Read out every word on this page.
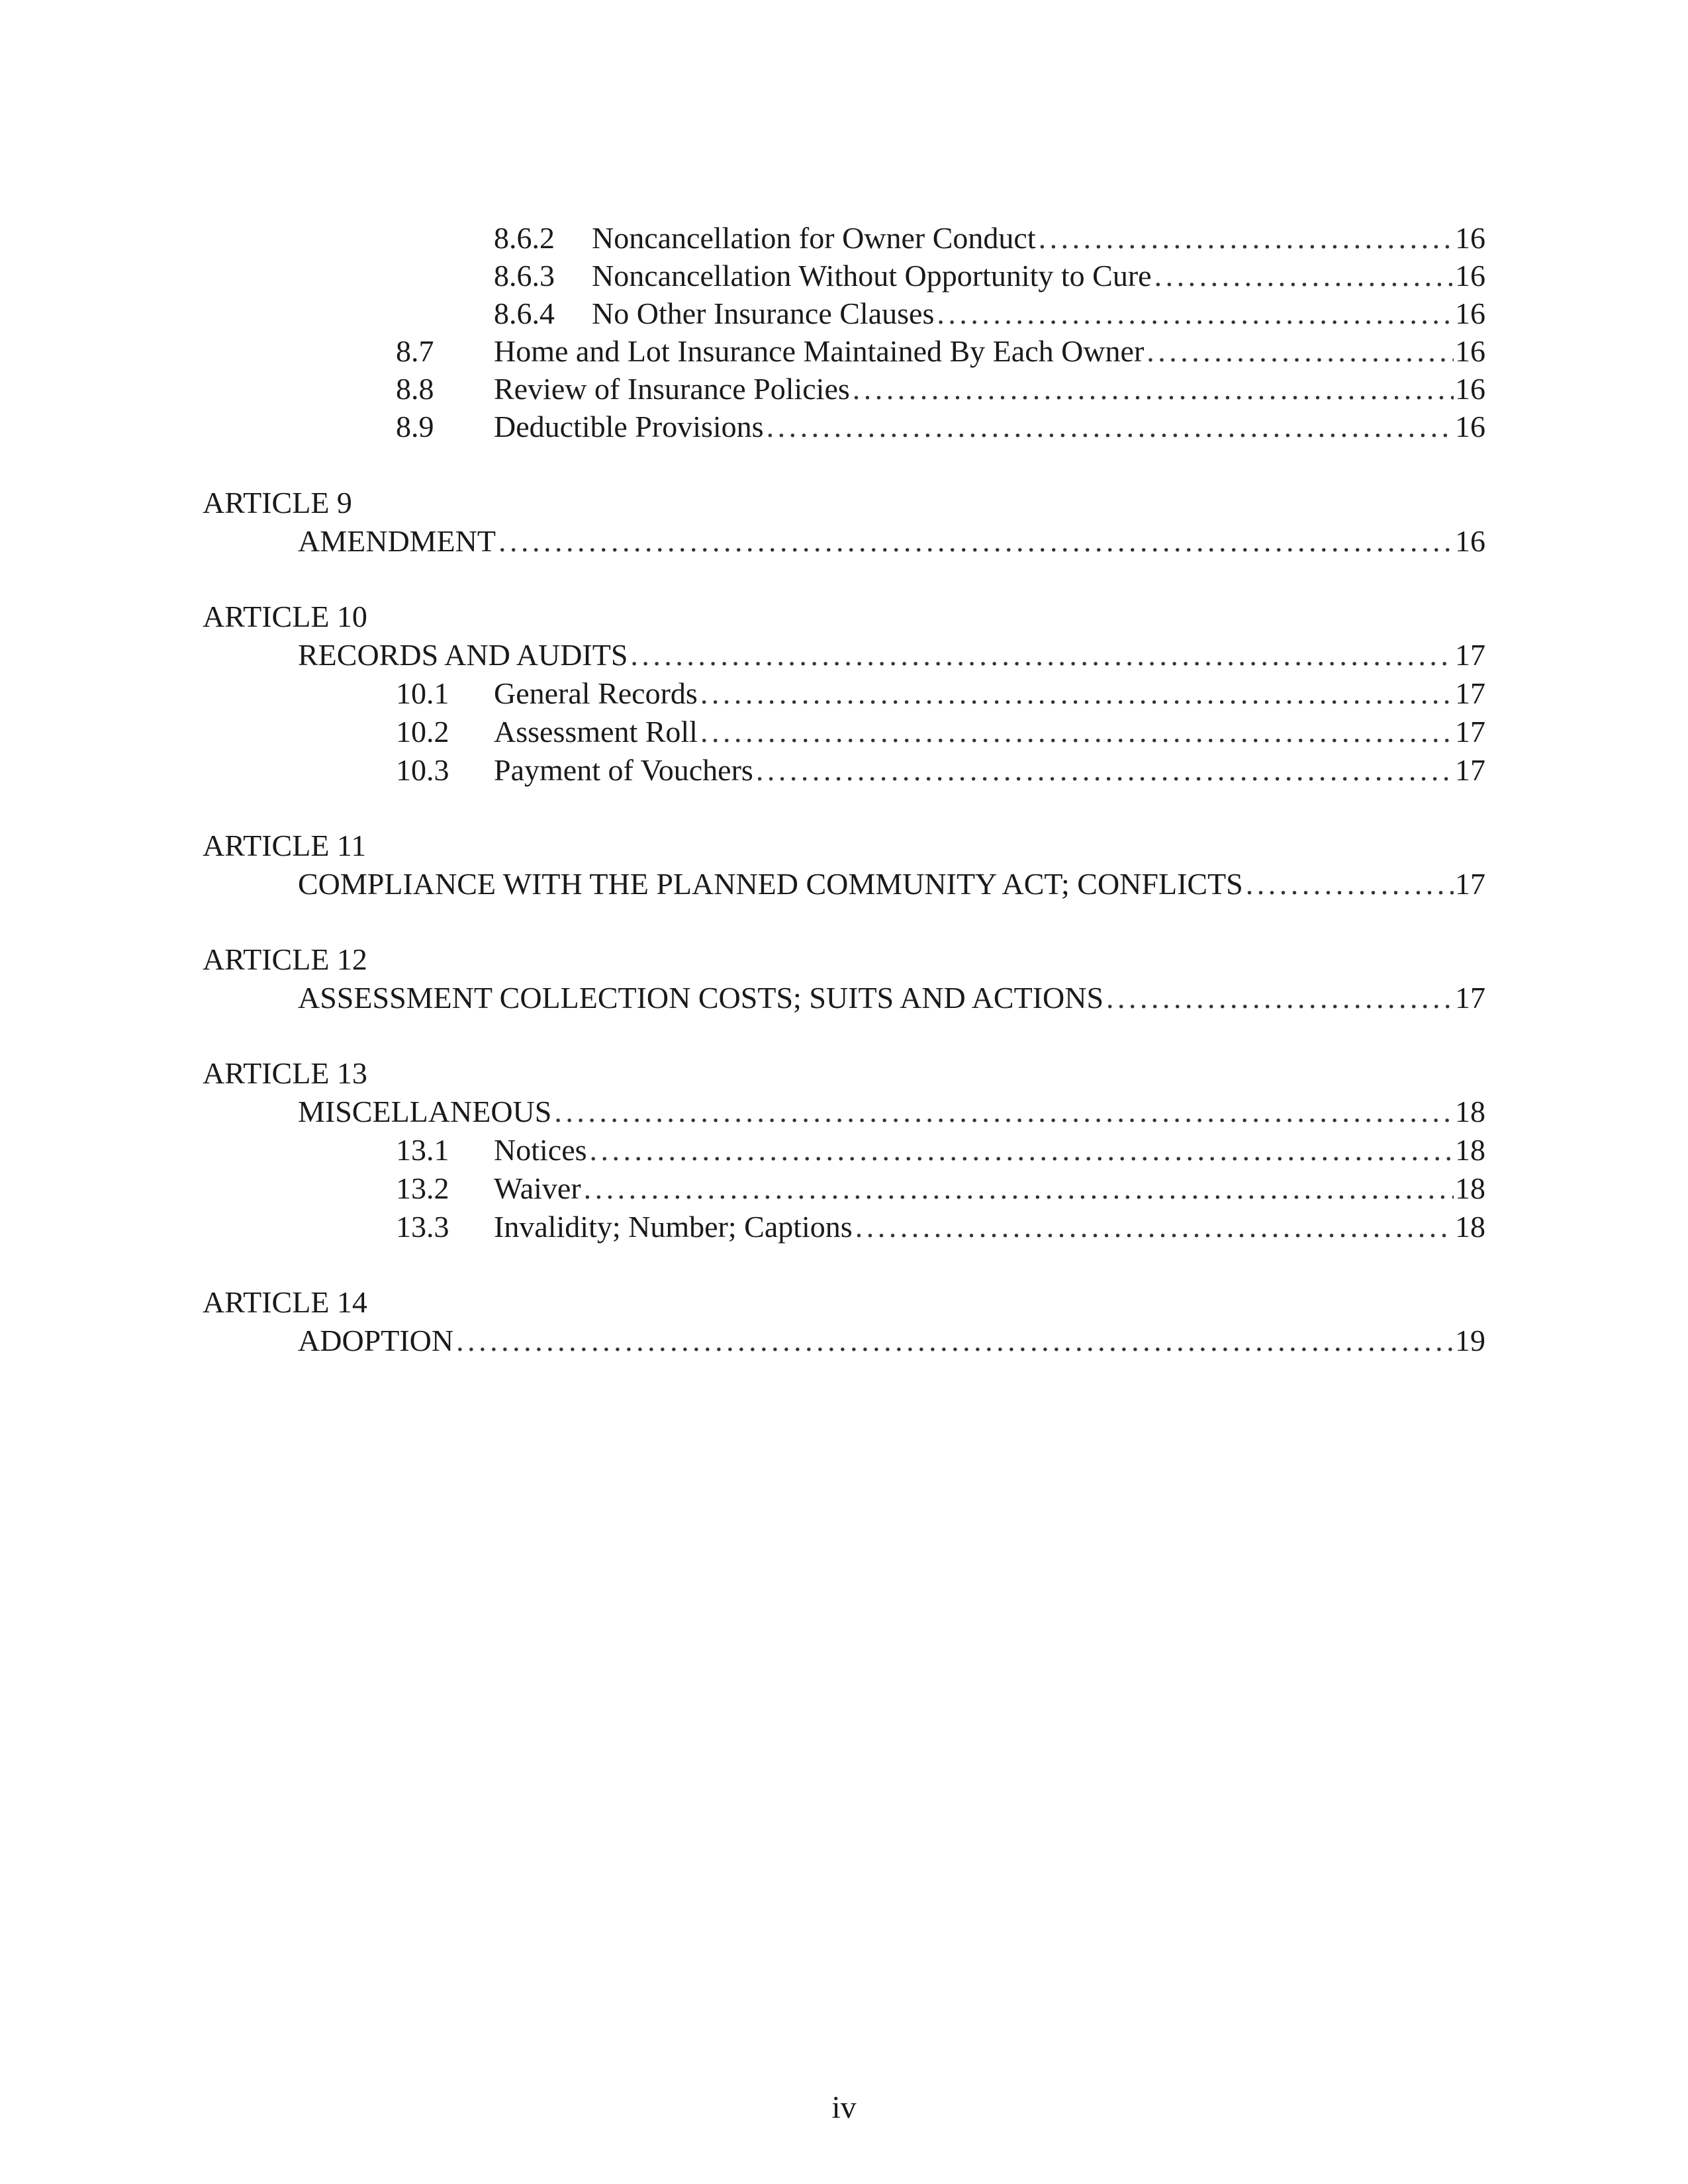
8.6.2 Noncancellation for Owner Conduct . . .	16
8.6.3 Noncancellation Without Opportunity to Cure . . .	16
8.6.4 No Other Insurance Clauses . . .	16
8.7 Home and Lot Insurance Maintained By Each Owner . . .	16
8.8 Review of Insurance Policies . . .	16
8.9 Deductible Provisions . . .	16
ARTICLE 9
AMENDMENT . . .	16
ARTICLE 10
RECORDS AND AUDITS . . .	17
10.1 General Records . . .	17
10.2 Assessment Roll . . .	17
10.3 Payment of Vouchers . . .	17
ARTICLE 11
COMPLIANCE WITH THE PLANNED COMMUNITY ACT; CONFLICTS . . .	17
ARTICLE 12
ASSESSMENT COLLECTION COSTS; SUITS AND ACTIONS . . .	17
ARTICLE 13
MISCELLANEOUS . . .	18
13.1 Notices . . .	18
13.2 Waiver . . .	18
13.3 Invalidity; Number; Captions . . .	18
ARTICLE 14
ADOPTION . . .	19
iv
